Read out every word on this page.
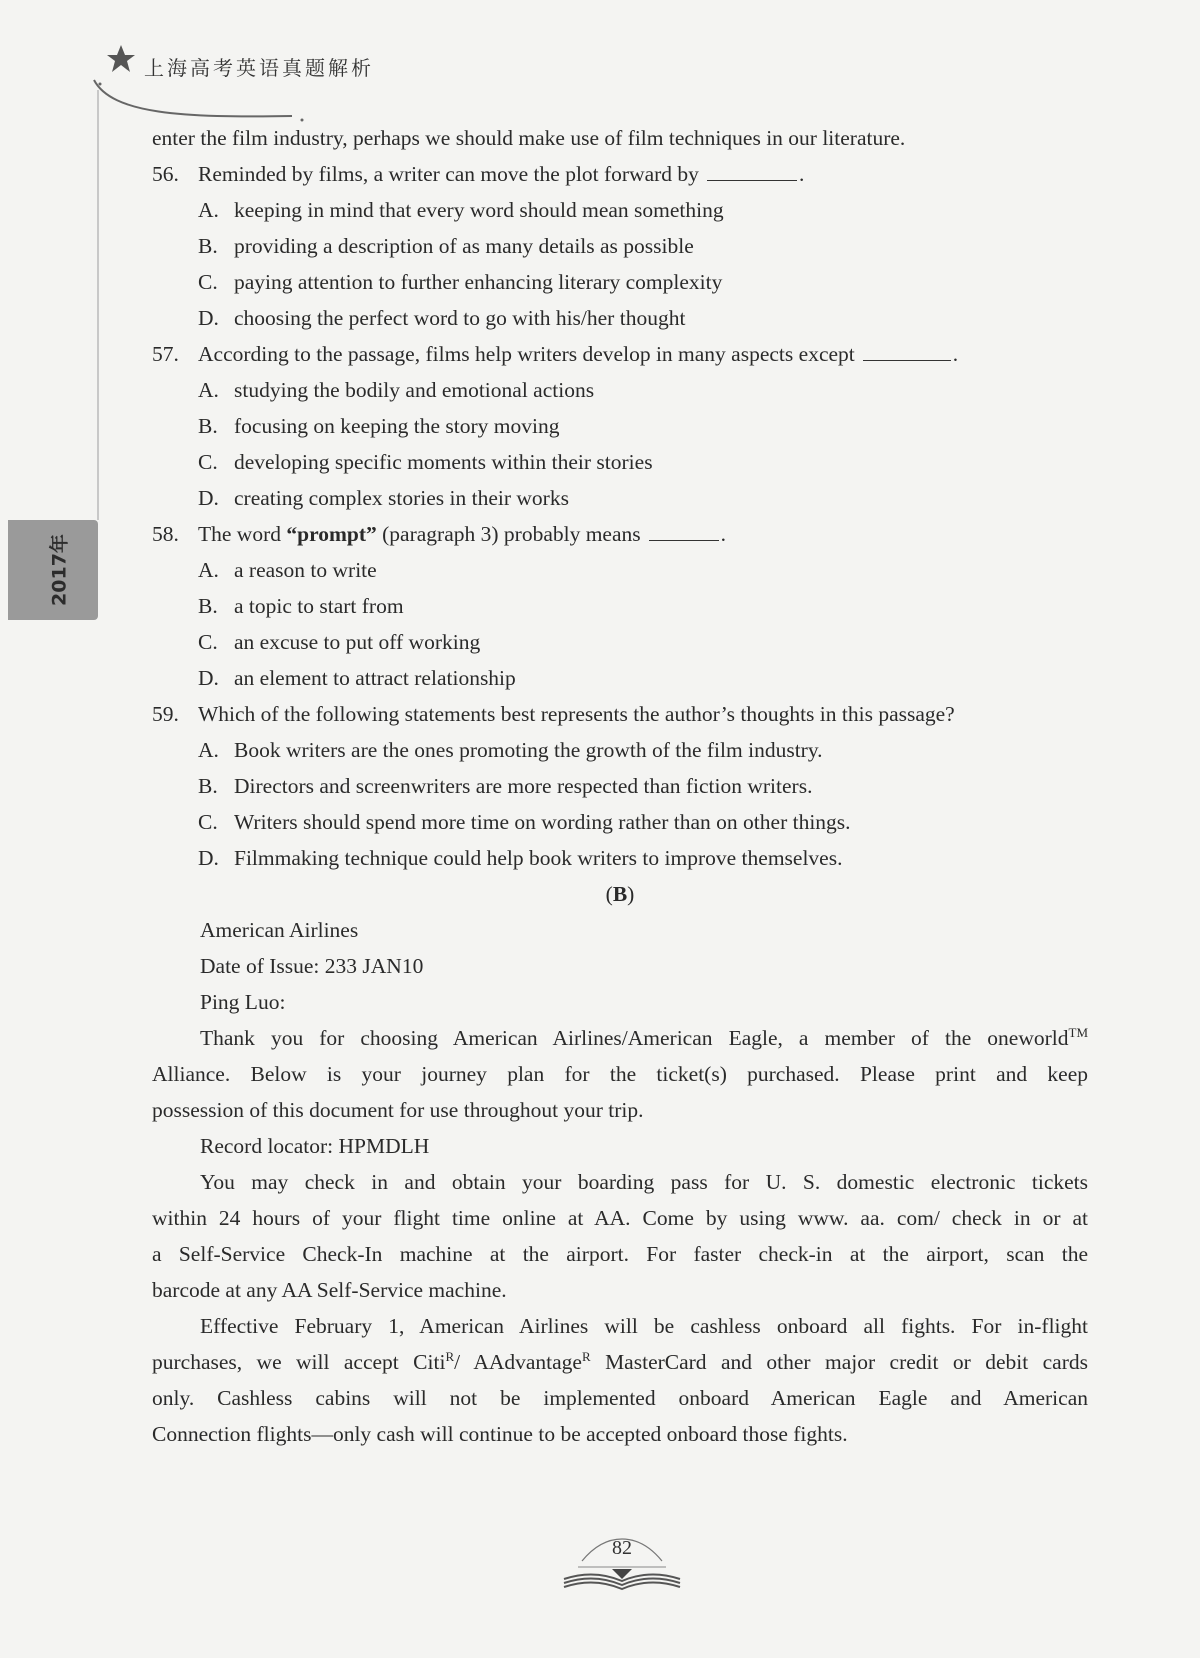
上海高考英语真题解析
2017年

enter the film industry, perhaps we should make use of film techniques in our literature.

56. Reminded by films, a writer can move the plot forward by	.

A. keeping in mind that every word should mean something

B. providing a description of as many details as possible

C. paying attention to further enhancing literary complexity

D. choosing the perfect word to go with his/her thought

57. According to the passage, films help writers develop in many aspects except	.

A. studying the bodily and emotional actions

B. focusing on keeping the story moving

C. developing specific moments within their stories

D. creating complex stories in their works

58. The word “prompt” (paragraph 3) probably means	.

A. a reason to write

B. a topic to start from

C. an excuse to put off working

D. an element to attract relationship

59. Which of the following statements best represents the author’s thoughts in this passage?

A. Book writers are the ones promoting the growth of the film industry.

B. Directors and screenwriters are more respected than fiction writers.

C. Writers should spend more time on wording rather than on other things.

D. Filmmaking technique could help book writers to improve themselves.

(B)

American Airlines

Date of Issue: 233 JAN10

Ping Luo:

Thank you for choosing American Airlines/American Eagle, a member of the oneworld™
Alliance. Below is your journey plan for the ticket(s) purchased. Please print and keep
possession of this document for use throughout your trip.

Record locator: HPMDLH

You may check in and obtain your boarding pass for U. S. domestic electronic tickets
within 24 hours of your flight time online at AA. Come by using www. aa. com/ check in or at
a Self-Service Check-In machine at the airport. For faster check-in at the airport, scan the
barcode at any AA Self-Service machine.
Effective February 1, American Airlines will be cashless onboard all fights. For in-flight
purchases, we will accept Citi$^R$/ AAdvantage$^R$ MasterCard and other major credit or debit cards
only. Cashless cabins will not be implemented onboard American Eagle and American
Connection flights—only cash will continue to be accepted onboard those fights.
82
